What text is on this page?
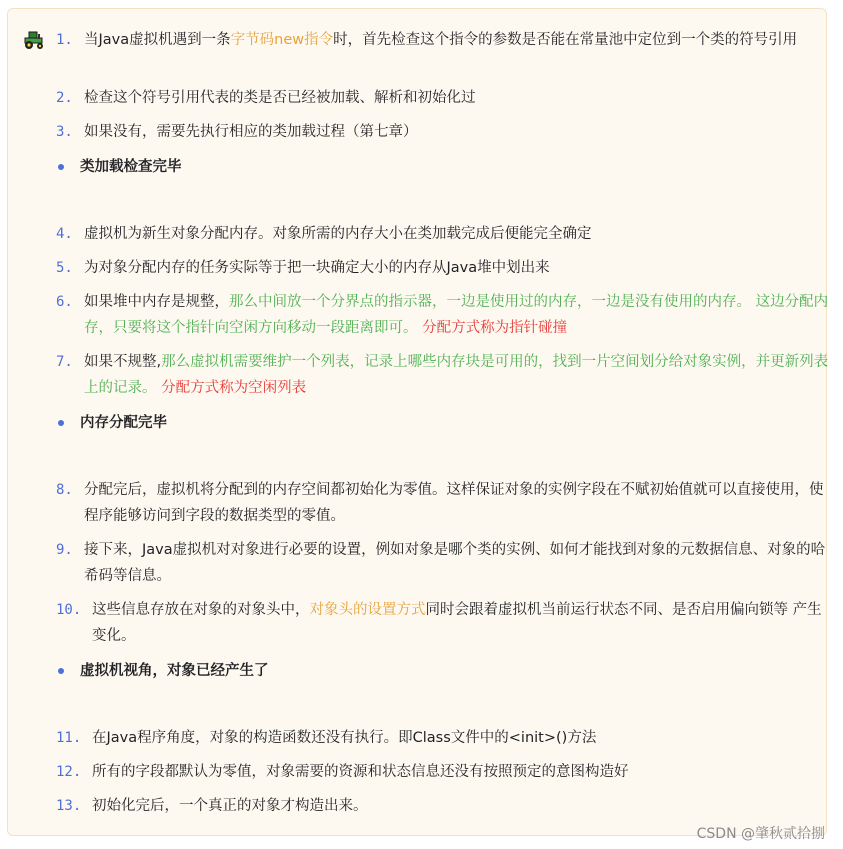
1. 当Java虚拟机遇到一条字节码new指令时，首先检查这个指令的参数是否能在常量池中定位到一个类的符号引用
2. 检查这个符号引用代表的类是否已经被加载、解析和初始化过
3. 如果没有，需要先执行相应的类加载过程（第七章）
类加载检查完毕
4. 虚拟机为新生对象分配内存。对象所需的内存大小在类加载完成后便能完全确定
5. 为对象分配内存的任务实际等于把一块确定大小的内存从Java堆中划出来
6. 如果堆中内存是规整，那么中间放一个分界点的指示器，一边是使用过的内存，一边是没有使用的内存。 这边分配内存，只要将这个指针向空闲方向移动一段距离即可。 分配方式称为指针碰撞
7. 如果不规整,那么虚拟机需要维护一个列表，记录上哪些内存块是可用的，找到一片空间划分给对象实例，并更新列表上的记录。 分配方式称为空闲列表
内存分配完毕
8. 分配完后，虚拟机将分配到的内存空间都初始化为零值。这样保证对象的实例字段在不赋初始值就可以直接使用，使程序能够访问到字段的数据类型的零值。
9. 接下来，Java虚拟机对对象进行必要的设置，例如对象是哪个类的实例、如何才能找到对象的元数据信息、对象的哈希码等信息。
10. 这些信息存放在对象的对象头中，对象头的设置方式同时会跟着虚拟机当前运行状态不同、是否启用偏向锁等 产生变化。
虚拟机视角，对象已经产生了
11. 在Java程序角度，对象的构造函数还没有执行。即Class文件中的<init>()方法
12. 所有的字段都默认为零值，对象需要的资源和状态信息还没有按照预定的意图构造好
13. 初始化完后，一个真正的对象才构造出来。
CSDN @肇秋贰拾捌
